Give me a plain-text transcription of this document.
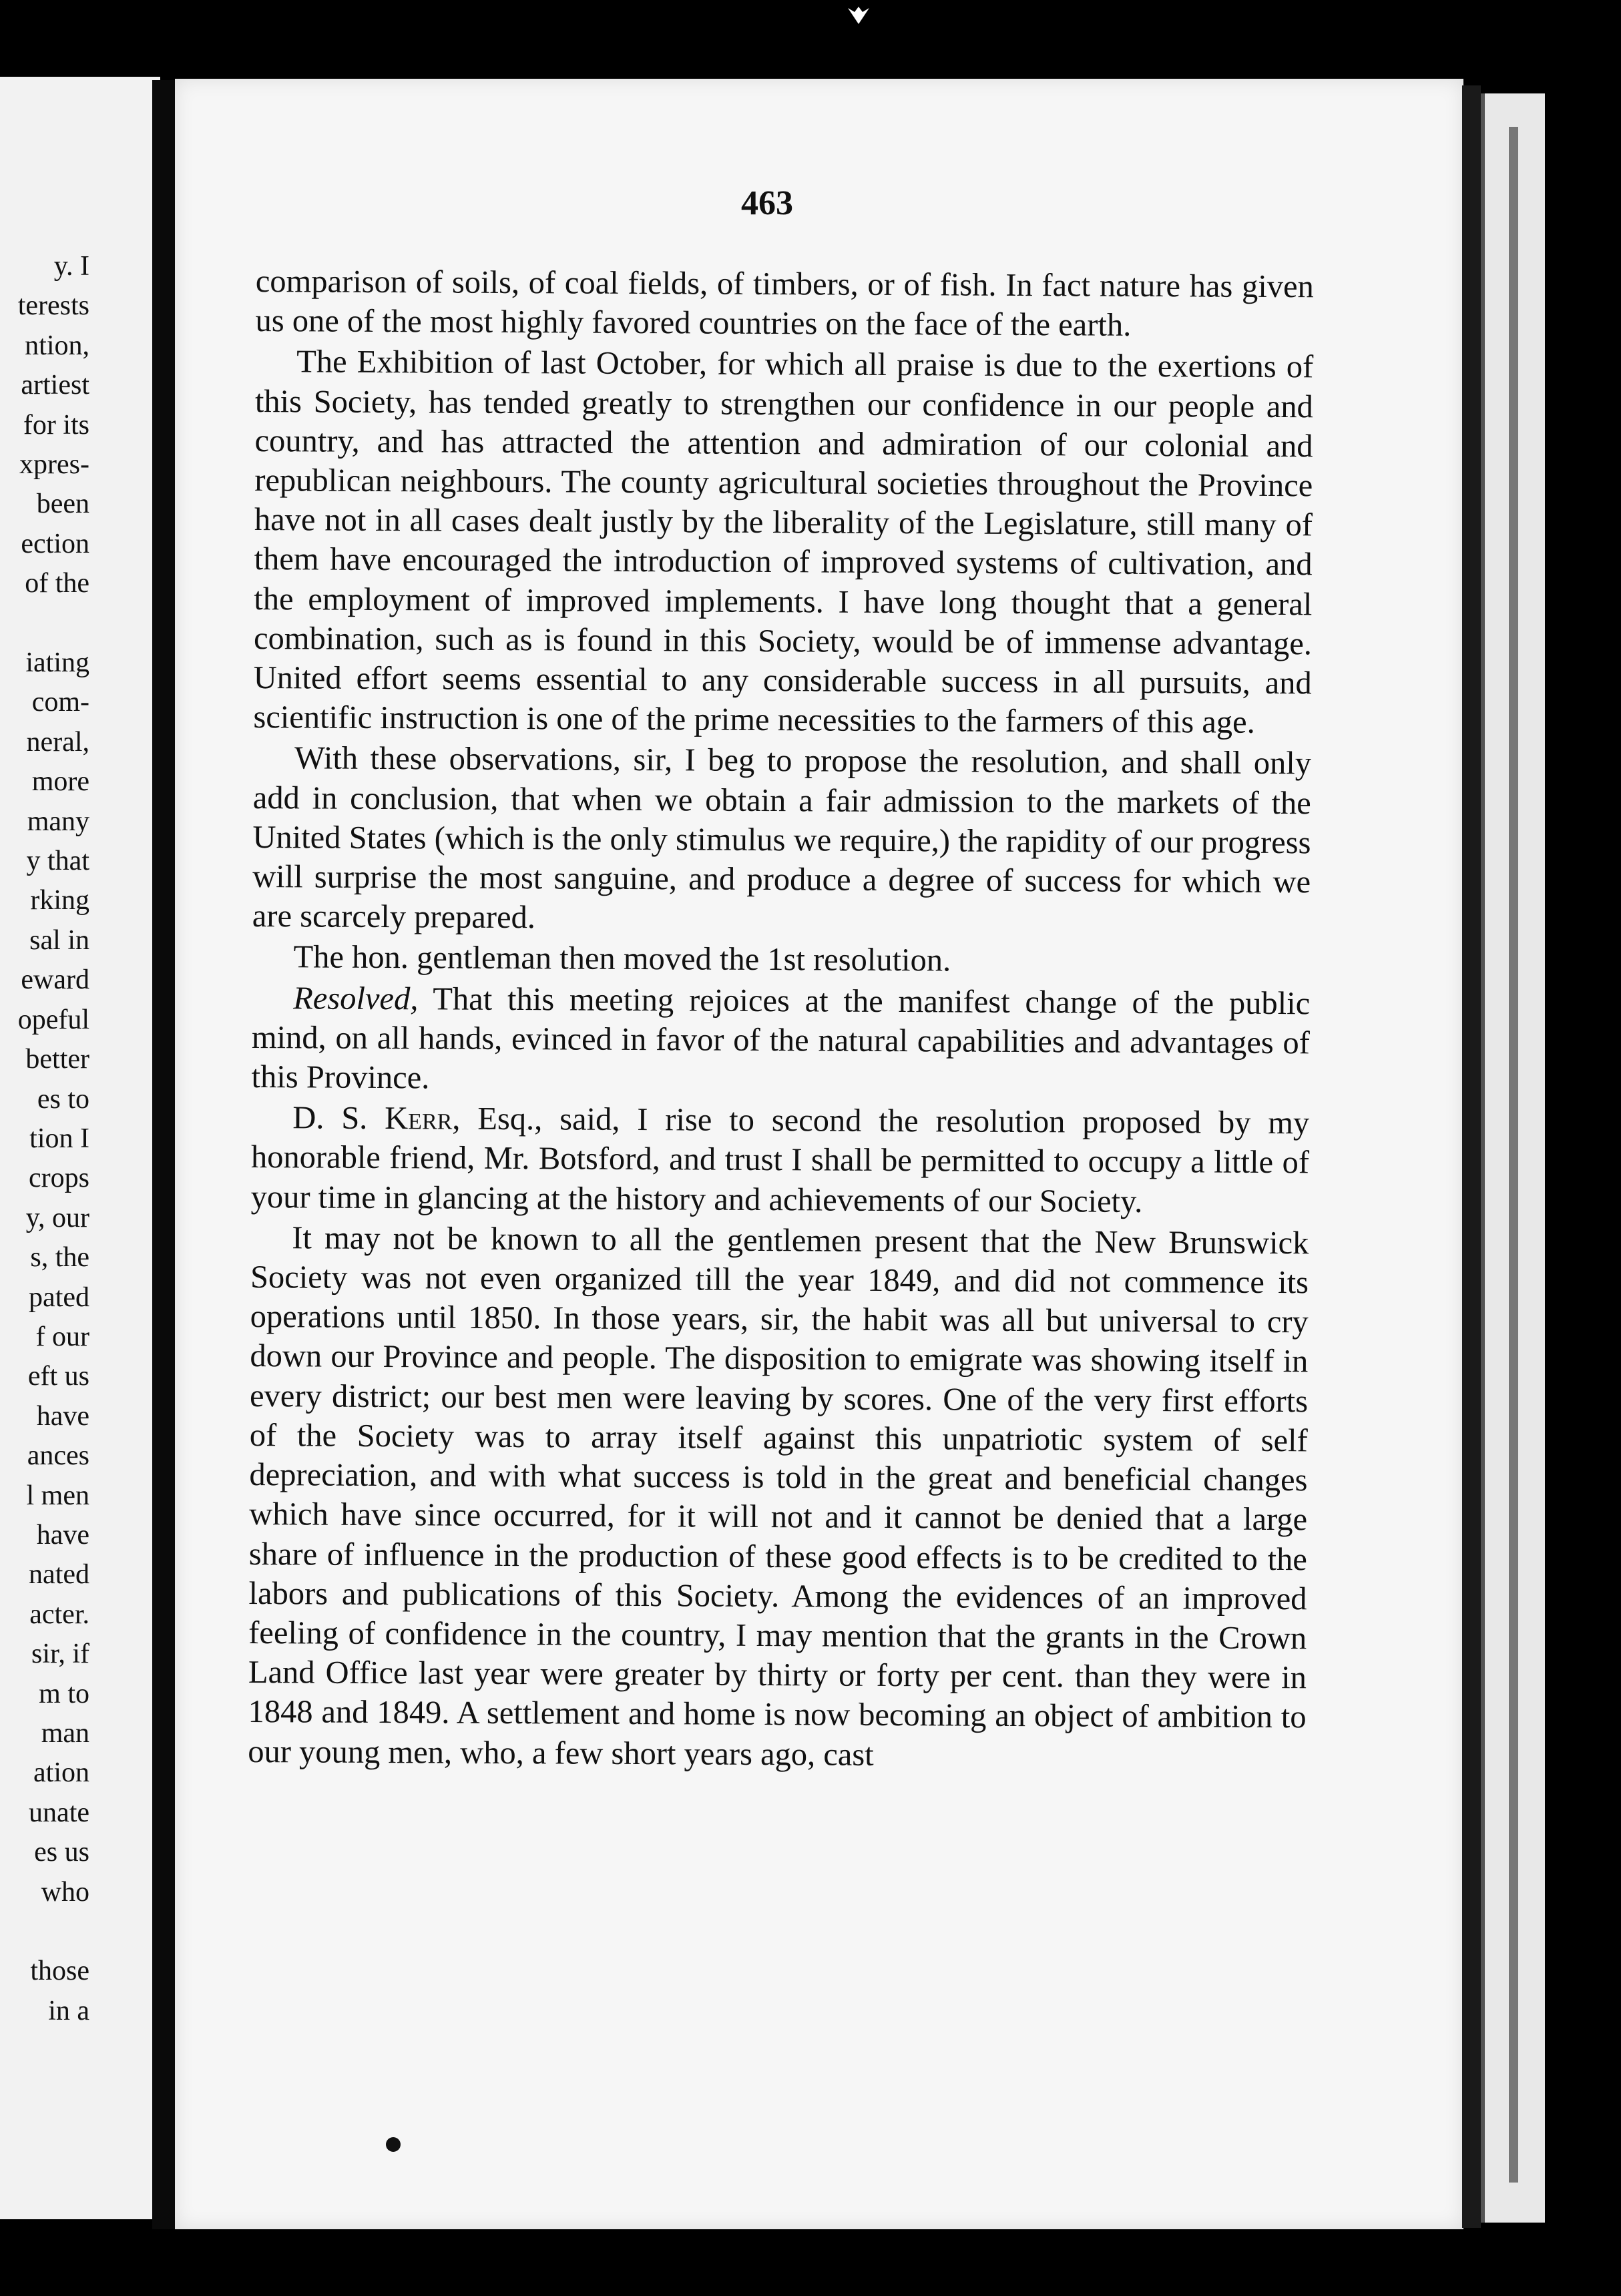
y. I
terests
ntion,
artiest
for its
xpres-
been
ection
of the
iating
com-
neral,
more
many
y that
rking
sal in
eward
opeful
better
es to
tion I
crops
y, our
s, the
pated
f our
eft us
have
ances
l men
have
nated
acter.
sir, if
m to
man
ation
unate
es us
who
those
in a
463

comparison of soils, of coal fields, of timbers, or of fish. In fact nature has given us one of the most highly favored countries on the face of the earth.

The Exhibition of last October, for which all praise is due to the exertions of this Society, has tended greatly to strengthen our confidence in our people and country, and has attracted the attention and admiration of our colonial and republican neighbours. The county agricultural societies throughout the Province have not in all cases dealt justly by the liberality of the Legislature, still many of them have encouraged the introduction of improved systems of cultivation, and the employment of improved implements. I have long thought that a general combination, such as is found in this Society, would be of immense advantage. United effort seems essential to any considerable success in all pursuits, and scientific instruction is one of the prime necessities to the farmers of this age.

With these observations, sir, I beg to propose the resolution, and shall only add in conclusion, that when we obtain a fair admission to the markets of the United States (which is the only stimulus we require,) the rapidity of our progress will surprise the most sanguine, and produce a degree of success for which we are scarcely prepared.

The hon. gentleman then moved the 1st resolution.

Resolved, That this meeting rejoices at the manifest change of the public mind, on all hands, evinced in favor of the natural capabilities and advantages of this Province.

D. S. Kerr, Esq., said, I rise to second the resolution proposed by my honorable friend, Mr. Botsford, and trust I shall be permitted to occupy a little of your time in glancing at the history and achievements of our Society.

It may not be known to all the gentlemen present that the New Brunswick Society was not even organized till the year 1849, and did not commence its operations until 1850. In those years, sir, the habit was all but universal to cry down our Province and people. The disposition to emigrate was showing itself in every district; our best men were leaving by scores. One of the very first efforts of the Society was to array itself against this unpatriotic system of self depreciation, and with what success is told in the great and beneficial changes which have since occurred, for it will not and it cannot be denied that a large share of influence in the production of these good effects is to be credited to the labors and publications of this Society. Among the evidences of an improved feeling of confidence in the country, I may mention that the grants in the Crown Land Office last year were greater by thirty or forty per cent. than they were in 1848 and 1849. A settlement and home is now becoming an object of ambition to our young men, who, a few short years ago, cast
